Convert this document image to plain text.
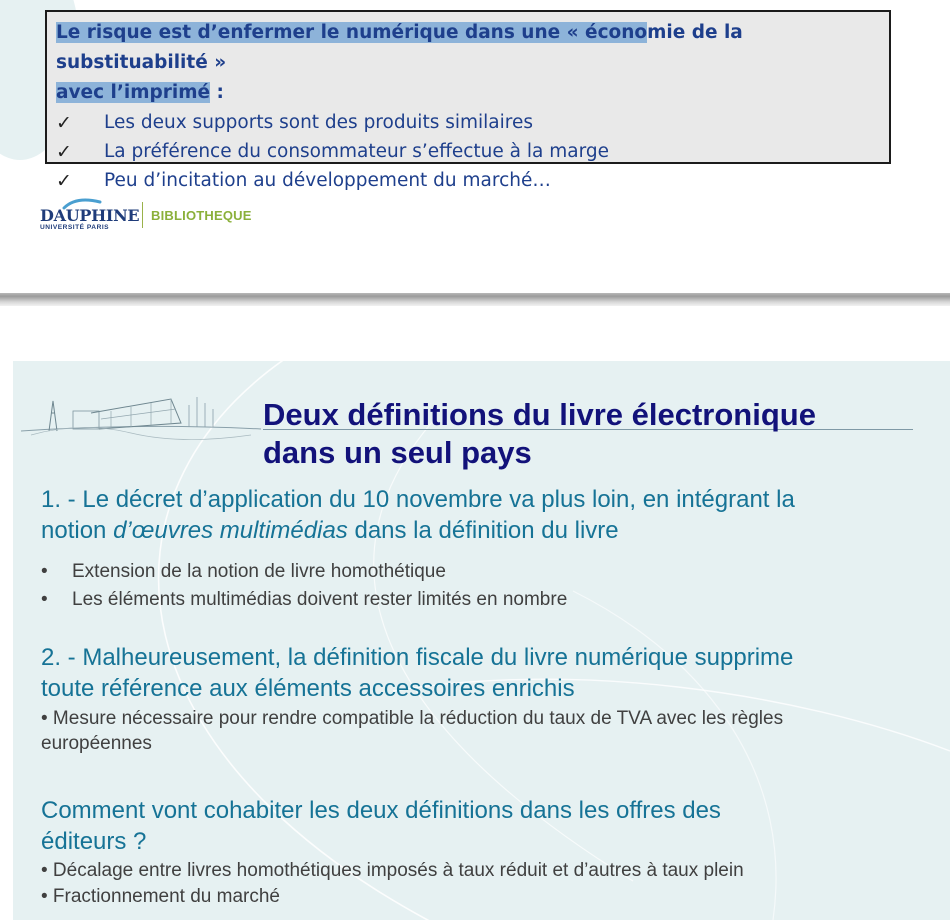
Le risque est d’enfermer le numérique dans une « économie de la substituabilité »
avec l’imprimé :
✓	Les deux supports sont des produits similaires
✓	La préférence du consommateur s’effectue à la marge
✓	Peu d’incitation au développement du marché…
DAUPHINE
UNIVERSITÉ PARIS
BIBLIOTHEQUE
Deux définitions du livre électronique
dans un seul pays
1. - Le décret d’application du 10 novembre va plus loin, en intégrant la
notion d’œuvres multimédias dans la définition du livre
•	Extension de la notion de livre homothétique
•	Les éléments multimédias doivent rester limités en nombre
2. - Malheureusement, la définition fiscale du livre numérique supprime
toute référence aux éléments accessoires enrichis

• Mesure nécessaire pour rendre compatible la réduction du taux de TVA avec les règles
européennes

Comment vont cohabiter les deux définitions dans les offres des
éditeurs ?

• Décalage entre livres homothétiques imposés à taux réduit et d’autres à taux plein

• Fractionnement du marché
